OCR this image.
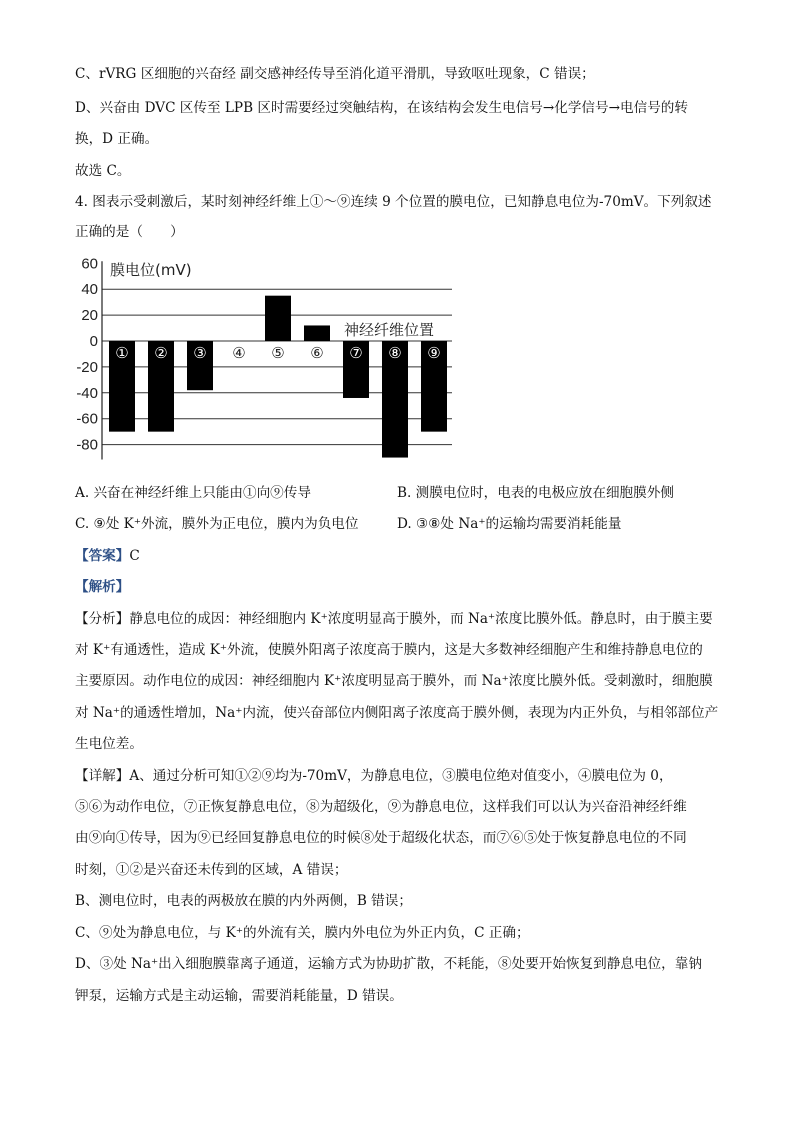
C、rVRG 区细胞的兴奋经 副交感神经传导至消化道平滑肌，导致呕吐现象，C 错误；
D、兴奋由 DVC 区传至 LPB 区时需要经过突触结构，在该结构会发生电信号→化学信号→电信号的转
换，D 正确。
故选 C。
4. 图表示受刺激后，某时刻神经纤维上①～⑨连续 9 个位置的膜电位，已知静息电位为-70mV。下列叙述
正确的是（　　）
60
40
20
0
-20
-40
-60
-80
膜电位(mV)
神经纤维位置
① ② ③ ④ ⑤ ⑥ ⑦ ⑧ ⑨
A. 兴奋在神经纤维上只能由①向⑨传导	B. 测膜电位时，电表的电极应放在细胞膜外侧
C. ⑨处 K⁺外流，膜外为正电位，膜内为负电位	D. ③⑧处 Na⁺的运输均需要消耗能量
【答案】C
【解析】
【分析】静息电位的成因：神经细胞内 K⁺浓度明显高于膜外，而 Na⁺浓度比膜外低。静息时，由于膜主要
对 K⁺有通透性，造成 K⁺外流，使膜外阳离子浓度高于膜内，这是大多数神经细胞产生和维持静息电位的
主要原因。动作电位的成因：神经细胞内 K⁺浓度明显高于膜外，而 Na⁺浓度比膜外低。受刺激时，细胞膜
对 Na⁺的通透性增加，Na⁺内流，使兴奋部位内侧阳离子浓度高于膜外侧，表现为内正外负，与相邻部位产
生电位差。
【详解】A、通过分析可知①②⑨均为-70mV，为静息电位，③膜电位绝对值变小，④膜电位为 0，
⑤⑥为动作电位，⑦正恢复静息电位，⑧为超级化，⑨为静息电位，这样我们可以认为兴奋沿神经纤维
由⑨向①传导，因为⑨已经回复静息电位的时候⑧处于超级化状态，而⑦⑥⑤处于恢复静息电位的不同
时刻，①②是兴奋还未传到的区域，A 错误；
B、测电位时，电表的两极放在膜的内外两侧，B 错误；
C、⑨处为静息电位，与 K⁺的外流有关，膜内外电位为外正内负，C 正确；
D、③处 Na⁺出入细胞膜靠离子通道，运输方式为协助扩散，不耗能，⑧处要开始恢复到静息电位，靠钠
钾泵，运输方式是主动运输，需要消耗能量，D 错误。
